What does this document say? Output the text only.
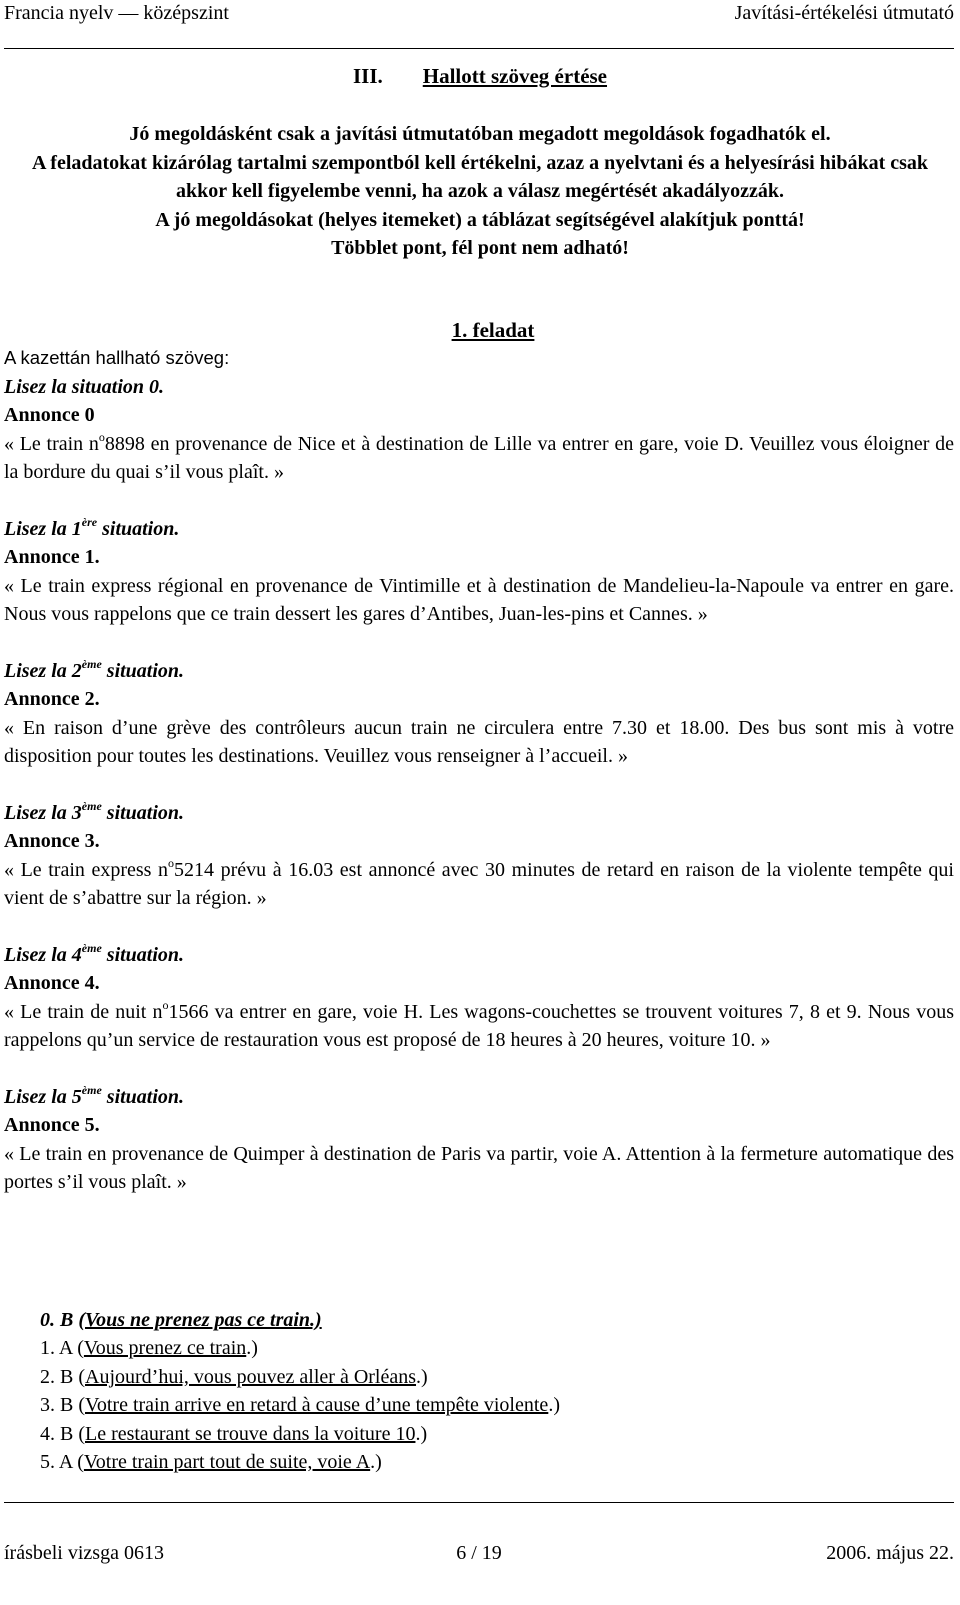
Francia nyelv — középszint	Javítási-értékelési útmutató
III. Hallott szöveg értése

Jó megoldásként csak a javítási útmutatóban megadott megoldások fogadhatók el.

A feladatokat kizárólag tartalmi szempontból kell értékelni, azaz a nyelvtani és a helyesírási hibákat csak akkor kell figyelembe venni, ha azok a válasz megértését akadályozzák.

A jó megoldásokat (helyes itemeket) a táblázat segítségével alakítjuk ponttá!

Többlet pont, fél pont nem adható!

1. feladat

A kazettán hallható szöveg:

Lisez la situation 0.

Annonce 0

« Le train $n^o8898$ en provenance de Nice et à destination de Lille va entrer en gare, voie D. Veuillez vous éloigner de la bordure du quai s’il vous plaît. »

Lisez la 1ère situation.

Annonce 1.

« Le train express régional en provenance de Vintimille et à destination de Mandelieu-la-Napoule va entrer en gare. Nous vous rappelons que ce train dessert les gares d’Antibes, Juan-les-pins et Cannes. »

Lisez la 2ème situation.

Annonce 2.

« En raison d’une grève des contrôleurs aucun train ne circulera entre 7.30 et 18.00. Des bus sont mis à votre disposition pour toutes les destinations. Veuillez vous renseigner à l’accueil. »

Lisez la 3ème situation.

Annonce 3.

« Le train express $n^o5214$ prévu à 16.03 est annoncé avec 30 minutes de retard en raison de la violente tempête qui vient de s’abattre sur la région. »

Lisez la 4ème situation.

Annonce 4.

« Le train de nuit $n^o1566$ va entrer en gare, voie H. Les wagons-couchettes se trouvent voitures 7, 8 et 9. Nous vous rappelons qu’un service de restauration vous est proposé de 18 heures à 20 heures, voiture 10. »

Lisez la 5ème situation.

Annonce 5.

« Le train en provenance de Quimper à destination de Paris va partir, voie A. Attention à la fermeture automatique des portes s’il vous plaît. »

0. B (Vous ne prenez pas ce train.)
1. A (Vous prenez ce train.)
2. B (Aujourd’hui, vous pouvez aller à Orléans.)
3. B (Votre train arrive en retard à cause d’une tempête violente.)
4. B (Le restaurant se trouve dans la voiture 10.)
5. A (Votre train part tout de suite, voie A.)
írásbeli vizsga 0613	6 / 19	2006. május 22.
